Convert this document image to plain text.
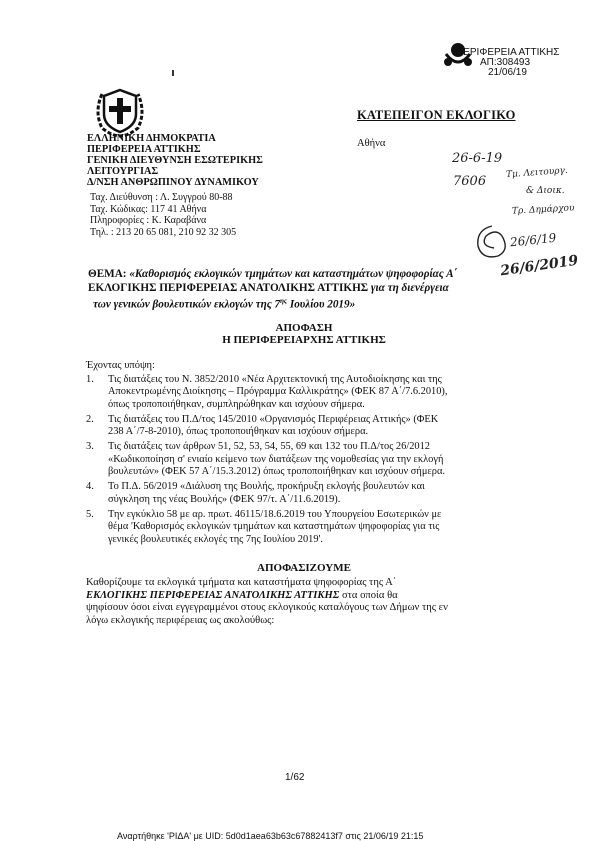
ΠΕΡΙΦΕΡΕΙΑ ΑΤΤΙΚΗΣ
ΑΠ:308493
21/06/19
ΚΑΤΕΠΕΙΓΟΝ ΕΚΛΟΓΙΚΟ
Αθήνα

ΕΛΛΗΝΙΚΗ ΔΗΜΟΚΡΑΤΙΑ

ΠΕΡΙΦΕΡΕΙΑ ΑΤΤΙΚΗΣ

ΓΕΝΙΚΗ ΔΙΕΥΘΥΝΣΗ ΕΣΩΤΕΡΙΚΗΣ

ΛΕΙΤΟΥΡΓΙΑΣ

Δ/ΝΣΗ ΑΝΘΡΩΠΙΝΟΥ ΔΥΝΑΜΙΚΟΥ

Ταχ. Διεύθυνση : Λ. Συγγρού 80-88

Ταχ. Κώδικας: 117 41 Αθήνα

Πληροφορίες : Κ. Καραβάνα

Τηλ. : 213 20 65 081, 210 92 32 305

26-6-19
7606
Τμ. Λειτουργ.
& Διοικ.
Τρ. Δημάρχου
26/6/19
26/6/2019
ΘΕΜΑ: «Καθορισμός εκλογικών τμημάτων και καταστημάτων ψηφοφορίας Α΄
ΕΚΛΟΓΙΚΗΣ ΠΕΡΙΦΕΡΕΙΑΣ ΑΝΑΤΟΛΙΚΗΣ ΑΤΤΙΚΗΣ για τη διενέργεια
των γενικών βουλευτικών εκλογών της $7^{\eta\varsigma}$ Ιουλίου 2019»
ΑΠΟΦΑΣΗ
Η ΠΕΡΙΦΕΡΕΙΑΡΧΗΣ ΑΤΤΙΚΗΣ
Έχοντας υπόψη:
1. Τις διατάξεις του Ν. 3852/2010 «Νέα Αρχιτεκτονική της Αυτοδιοίκησης και της
Αποκεντρωμένης Διοίκησης – Πρόγραμμα Καλλικράτης» (ΦΕΚ 87 Α΄/7.6.2010),
όπως τροποποιήθηκαν, συμπληρώθηκαν και ισχύουν σήμερα.
2. Τις διατάξεις του Π.Δ/τος 145/2010 «Οργανισμός Περιφέρειας Αττικής» (ΦΕΚ
238 Α΄/7-8-2010), όπως τροποποιήθηκαν και ισχύουν σήμερα.
3. Τις διατάξεις των άρθρων 51, 52, 53, 54, 55, 69 και 132 του Π.Δ/τος 26/2012
«Κωδικοποίηση σ' ενιαίο κείμενο των διατάξεων της νομοθεσίας για την εκλογή
βουλευτών» (ΦΕΚ 57 Α΄/15.3.2012) όπως τροποποιήθηκαν και ισχύουν σήμερα.
4. Το Π.Δ. 56/2019 «Διάλυση της Βουλής, προκήρυξη εκλογής βουλευτών και
σύγκληση της νέας Βουλής» (ΦΕΚ 97/τ. Α΄/11.6.2019).
5. Την εγκύκλιο 58 με αρ. πρωτ. 46115/18.6.2019 του Υπουργείου Εσωτερικών με
θέμα 'Καθορισμός εκλογικών τμημάτων και καταστημάτων ψηφοφορίας για τις
γενικές βουλευτικές εκλογές της 7ης Ιουλίου 2019'.
ΑΠΟΦΑΣΙΖΟΥΜΕ
Καθορίζουμε τα εκλογικά τμήματα και καταστήματα ψηφοφορίας της Α΄
ΕΚΛΟΓΙΚΗΣ ΠΕΡΙΦΕΡΕΙΑΣ ΑΝΑΤΟΛΙΚΗΣ ΑΤΤΙΚΗΣ στα οποία θα
ψηφίσουν όσοι είναι εγγεγραμμένοι στους εκλογικούς καταλόγους των Δήμων της εν
λόγω εκλογικής περιφέρειας ως ακολούθως:
1/62
Αναρτήθηκε 'ΡΙΔΑ' με UID: 5d0d1aea63b63c67882413f7 στις 21/06/19 21:15
